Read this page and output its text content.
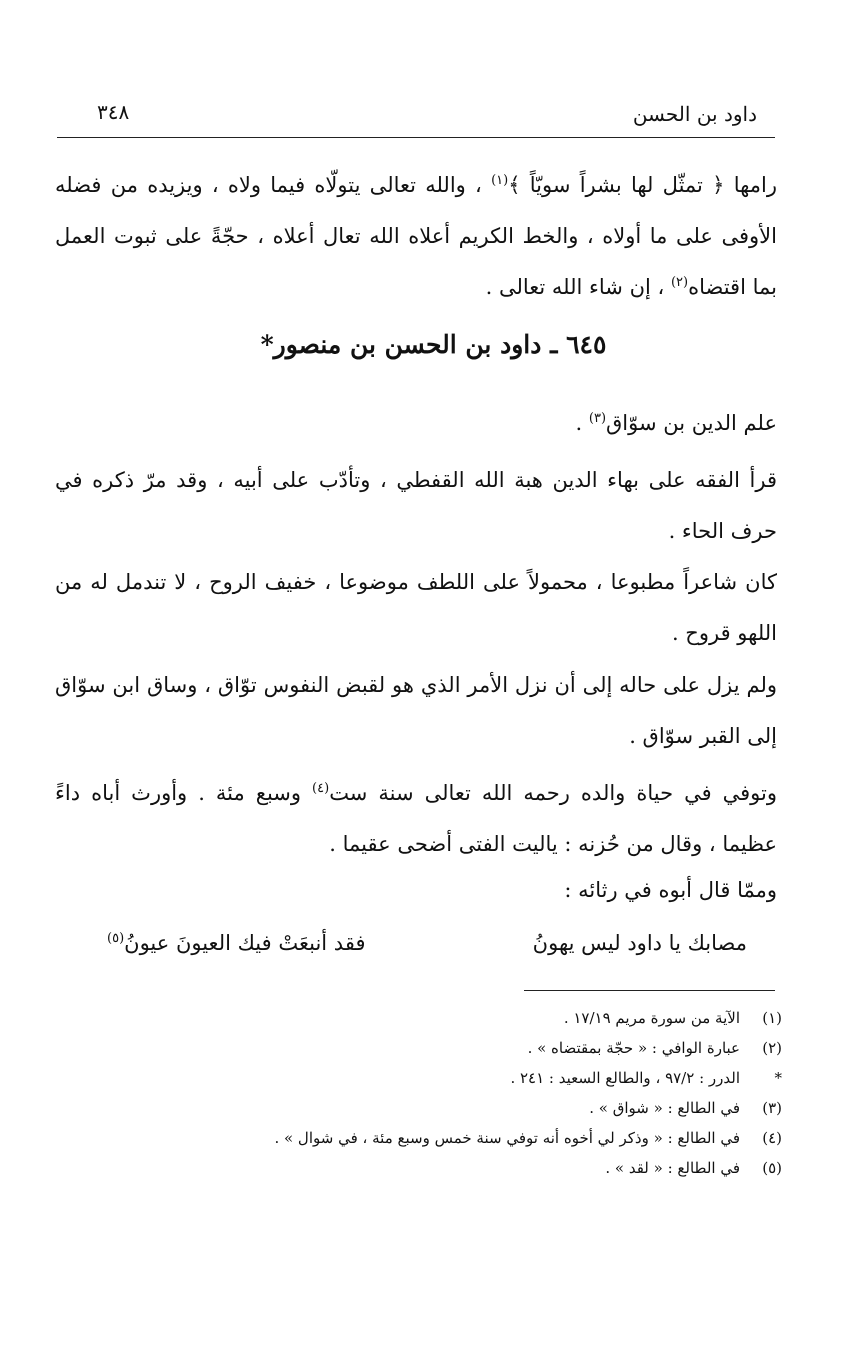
داود بن الحسن
٣٤٨
رامها ﴿ تمثّل لها بشراً سويّاً ﴾$^{(١)}$ ، والله تعالى يتولّاه فيما ولاه ، ويزيده من فضله الأوفى على ما أولاه ، والخط الكريم أعلاه الله تعال أعلاه ، حجّةً على ثبوت العمل بما اقتضاه$^{(٢)}$ ، إن شاء الله تعالى .
٦٤٥ ـ داود بن الحسن بن منصور*
علم الدين بن سوّاق$^{(٣)}$ .
قرأ الفقه على بهاء الدين هبة الله القفطي ، وتأدّب على أبيه ، وقد مرّ ذكره في حرف الحاء .
كان شاعراً مطبوعا ، محمولاً على اللطف موضوعا ، خفيف الروح ، لا تندمل له من اللهو قروح .
ولم يزل على حاله إلى أن نزل الأمر الذي هو لقبض النفوس توّاق ، وساق ابن سوّاق إلى القبر سوّاق .
وتوفي في حياة والده رحمه الله تعالى سنة ست$^{(٤)}$ وسبع مئة . وأورث أباه داءً عظيما ، وقال من حُزنه : ياليت الفتى أضحى عقيما .
وممّا قال أبوه في رثائه :
مصابك يا داود ليس يهونُ
فقد أنبعَتْ فيك العيونَ عيونُ$^{(٥)}$
(١)
الآية من سورة مريم ١٧/١٩ .
(٢)
عبارة الوافي : « حجّة بمقتضاه » .
*
الدرر : ٩٧/٢ ، والطالع السعيد : ٢٤١ .
(٣)
في الطالع : « شواق » .
(٤)
في الطالع : « وذكر لي أخوه أنه توفي سنة خمس وسبع مئة ، في شوال » .
(٥)
في الطالع : « لقد » .
